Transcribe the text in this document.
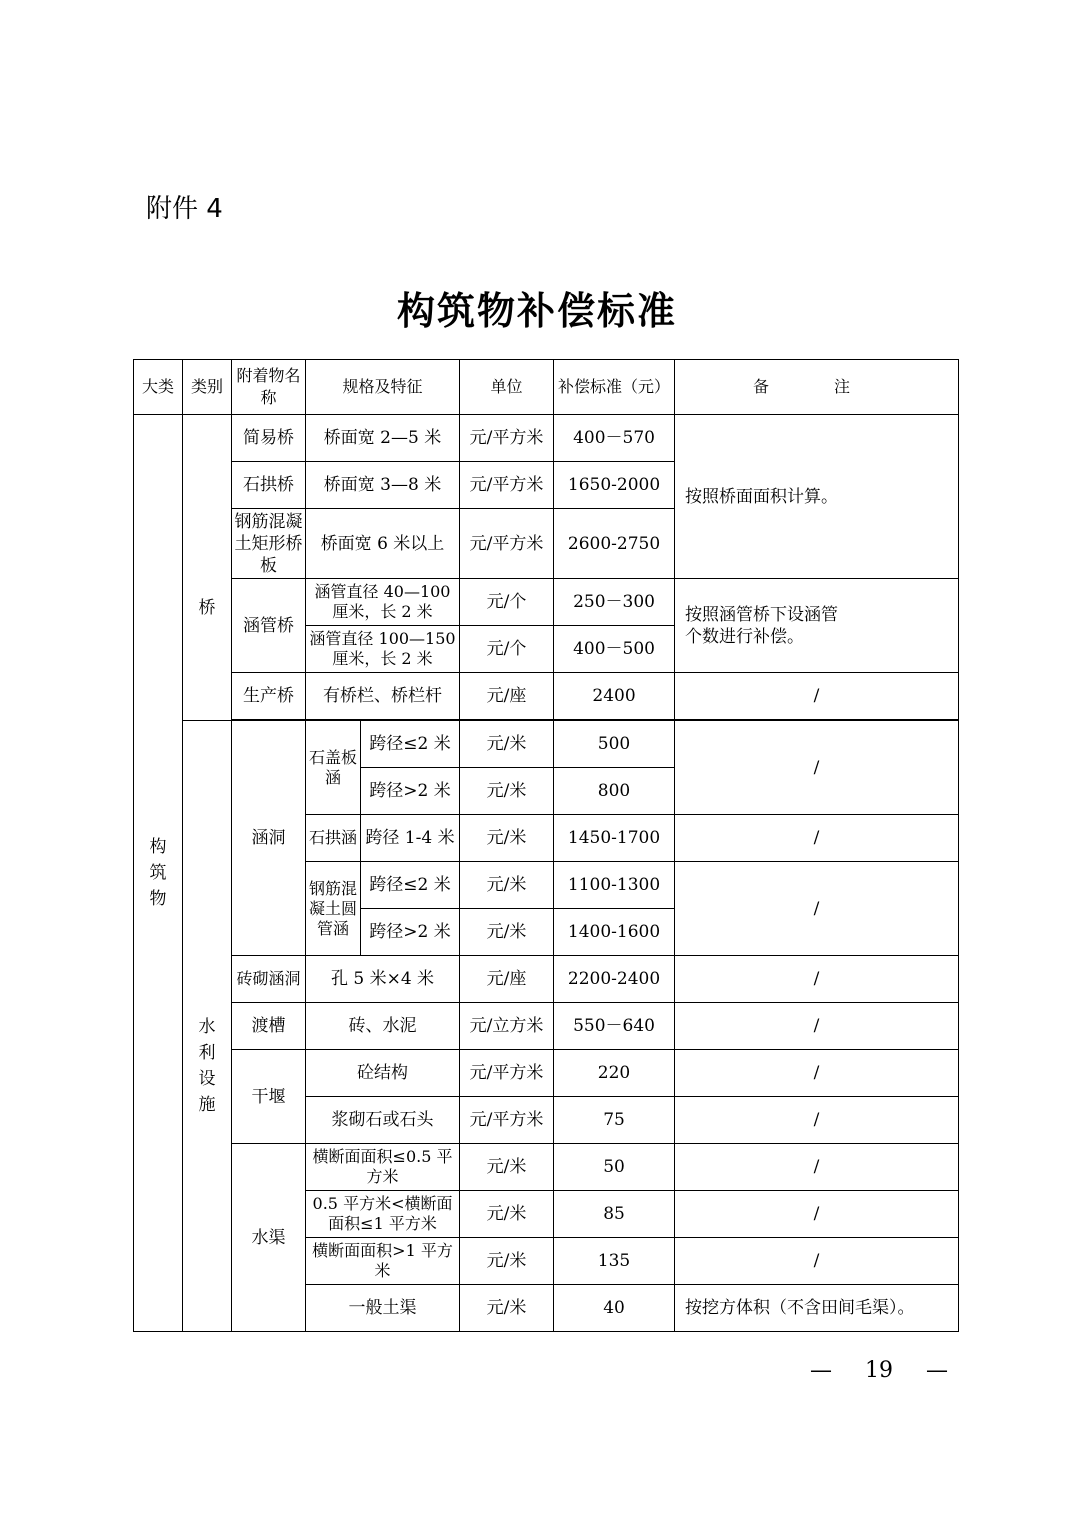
附件 4
构筑物补偿标准
大类	类别	附着物名称	规格及特征		单位	补偿标准（元）	备 注
构筑物	桥	简易桥	桥面宽 2—5 米		元/平方米	400－570	按照桥面面积计算。
		石拱桥	桥面宽 3—8 米		元/平方米	1650-2000	
		钢筋混凝土矩形桥板	桥面宽 6 米以上		元/平方米	2600-2750	
		涵管桥	涵管直径 40—100 厘米，长 2 米		元/个	250－300	按照涵管桥下设涵管个数进行补偿。
			涵管直径 100—150 厘米，长 2 米		元/个	400－500	
		生产桥	有桥栏、桥栏杆		元/座	2400	/

	水利设施	涵洞	石盖板涵	跨径≤2 米	元/米	500	/
				跨径>2 米	元/米	800	
			石拱涵	跨径 1-4 米	元/米	1450-1700	/
			钢筋混凝土圆管涵	跨径≤2 米	元/米	1100-1300	/
				跨径>2 米	元/米	1400-1600	
		砖砌涵洞	孔 5 米×4 米		元/座	2200-2400	/
		渡槽	砖、水泥		元/立方米	550－640	/
		干堰	砼结构		元/平方米	220	/
			浆砌石或石头		元/平方米	75	/
		水渠	横断面面积≤0.5 平方米		元/米	50	/
			0.5 平方米<横断面面积≤1 平方米		元/米	85	/
			横断面面积>1 平方米		元/米	135	/
			一般土渠		元/米	40	按挖方体积（不含田间毛渠）。
— 19 —
